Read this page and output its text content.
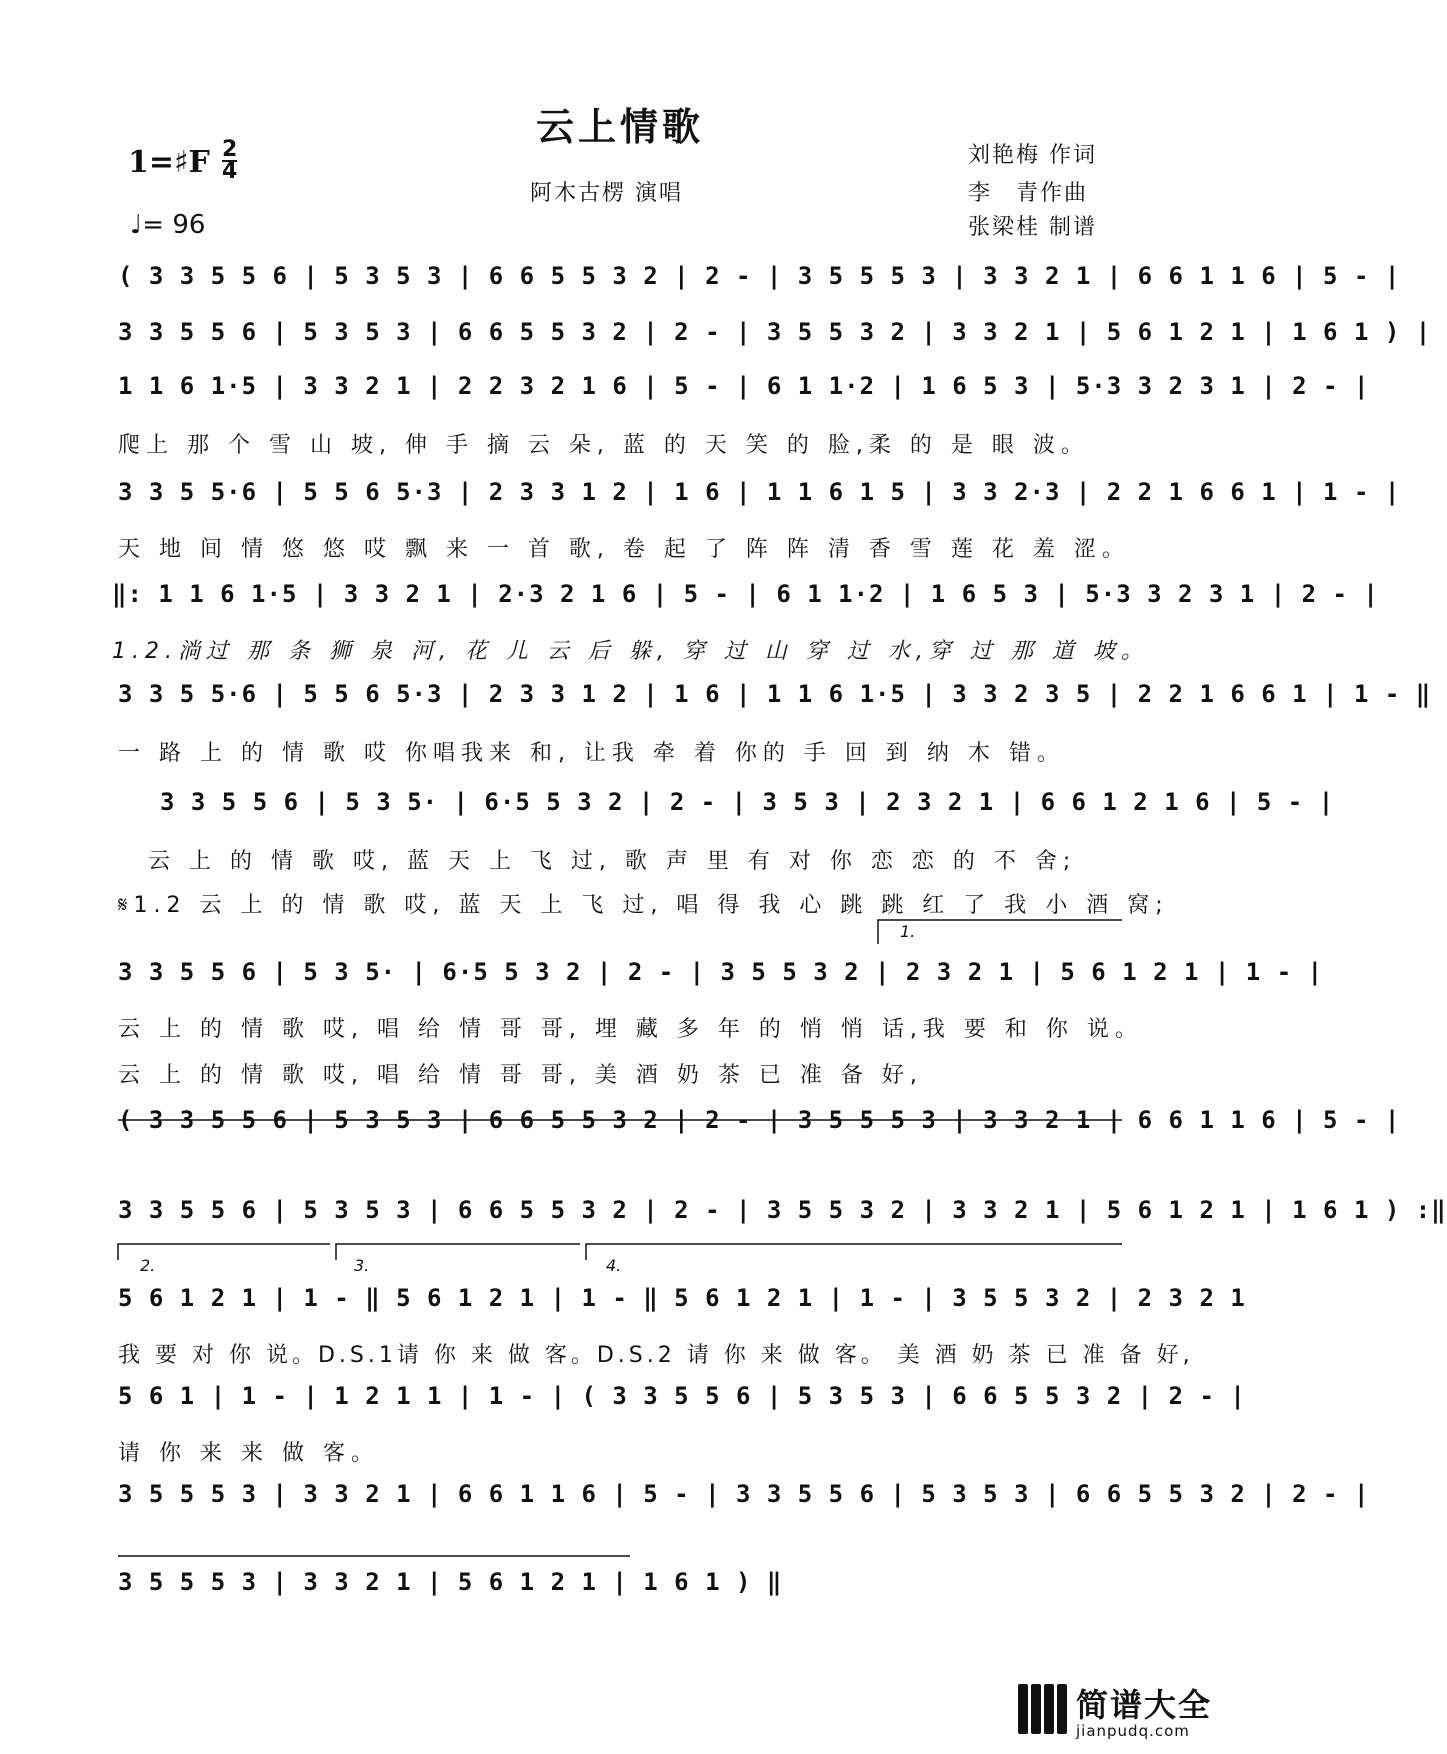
云上情歌
1=♯F 2
4
♩= 96
阿木古楞 演唱
刘艳梅 作词
李　青作曲
张梁桂 制谱
( 3 3 5 5 6 | 5 3 5 3 | 6 6 5 5 3 2 | 2 - | 3 5 5 5 3 | 3 3 2 1 | 6 6 1 1 6 | 5 - |
3 3 5 5 6 | 5 3 5 3 | 6 6 5 5 3 2 | 2 - | 3 5 5 3 2 | 3 3 2 1 | 5 6 1 2 1 | 1 6 1 ) |
1 1 6 1·5 | 3 3 2 1 | 2 2 3 2 1 6 | 5 - | 6 1 1·2 | 1 6 5 3 | 5·3 3 2 3 1 | 2 - |
爬上 那 个 雪 山 坡, 伸 手 摘 云 朵, 蓝 的 天 笑 的 脸,柔 的 是 眼 波。
3 3 5 5·6 | 5 5 6 5·3 | 2 3 3 1 2 | 1 6 | 1 1 6 1 5 | 3 3 2·3 | 2 2 1 6 6 1 | 1 - |
天 地 间 情 悠 悠 哎 飘 来 一 首 歌, 卷 起 了 阵 阵 清 香 雪 莲 花 羞 涩。
‖: 1 1 6 1·5 | 3 3 2 1 | 2·3 2 1 6 | 5 - | 6 1 1·2 | 1 6 5 3 | 5·3 3 2 3 1 | 2 - |
1.2.淌过 那 条 狮 泉 河, 花 儿 云 后 躲, 穿 过 山 穿 过 水,穿 过 那 道 坡。
3 3 5 5·6 | 5 5 6 5·3 | 2 3 3 1 2 | 1 6 | 1 1 6 1·5 | 3 3 2 3 5 | 2 2 1 6 6 1 | 1 - ‖
一 路 上 的 情 歌 哎 你唱我来 和, 让我 牵 着 你的 手 回 到 纳 木 错。
3 3 5 5 6 | 5 3 5· | 6·5 5 3 2 | 2 - | 3 5 3 | 2 3 2 1 | 6 6 1 2 1 6 | 5 - |
云 上 的 情 歌 哎, 蓝 天 上 飞 过, 歌 声 里 有 对 你 恋 恋 的 不 舍;
𝄋1.2 云 上 的 情 歌 哎, 蓝 天 上 飞 过, 唱 得 我 心 跳 跳 红 了 我 小 酒 窝;
1.
3 3 5 5 6 | 5 3 5· | 6·5 5 3 2 | 2 - | 3 5 5 3 2 | 2 3 2 1 | 5 6 1 2 1 | 1 - |
云 上 的 情 歌 哎, 唱 给 情 哥 哥, 埋 藏 多 年 的 悄 悄 话,我 要 和 你 说。
云 上 的 情 歌 哎, 唱 给 情 哥 哥, 美 酒 奶 茶 已 准 备 好,
( 3 3 5 5 6 | 5 3 5 3 | 6 6 5 5 3 2 | 2 - | 3 5 5 5 3 | 3 3 2 1 | 6 6 1 1 6 | 5 - |
3 3 5 5 6 | 5 3 5 3 | 6 6 5 5 3 2 | 2 - | 3 5 5 3 2 | 3 3 2 1 | 5 6 1 2 1 | 1 6 1 ) :‖
2.	3.	4.
5 6 1 2 1 | 1 - ‖ 5 6 1 2 1 | 1 - ‖ 5 6 1 2 1 | 1 - | 3 5 5 3 2 | 2 3 2 1
我 要 对 你 说。D.S.1请 你 来 做 客。D.S.2 请 你 来 做 客。 美 酒 奶 茶 已 准 备 好,
5 6 1 | 1 - | 1 2 1 1 | 1 - | ( 3 3 5 5 6 | 5 3 5 3 | 6 6 5 5 3 2 | 2 - |
请 你 来 来 做 客。
3 5 5 5 3 | 3 3 2 1 | 6 6 1 1 6 | 5 - | 3 3 5 5 6 | 5 3 5 3 | 6 6 5 5 3 2 | 2 - |
3 5 5 5 3 | 3 3 2 1 | 5 6 1 2 1 | 1 6 1 ) ‖
简谱大全
jianpudq.com
